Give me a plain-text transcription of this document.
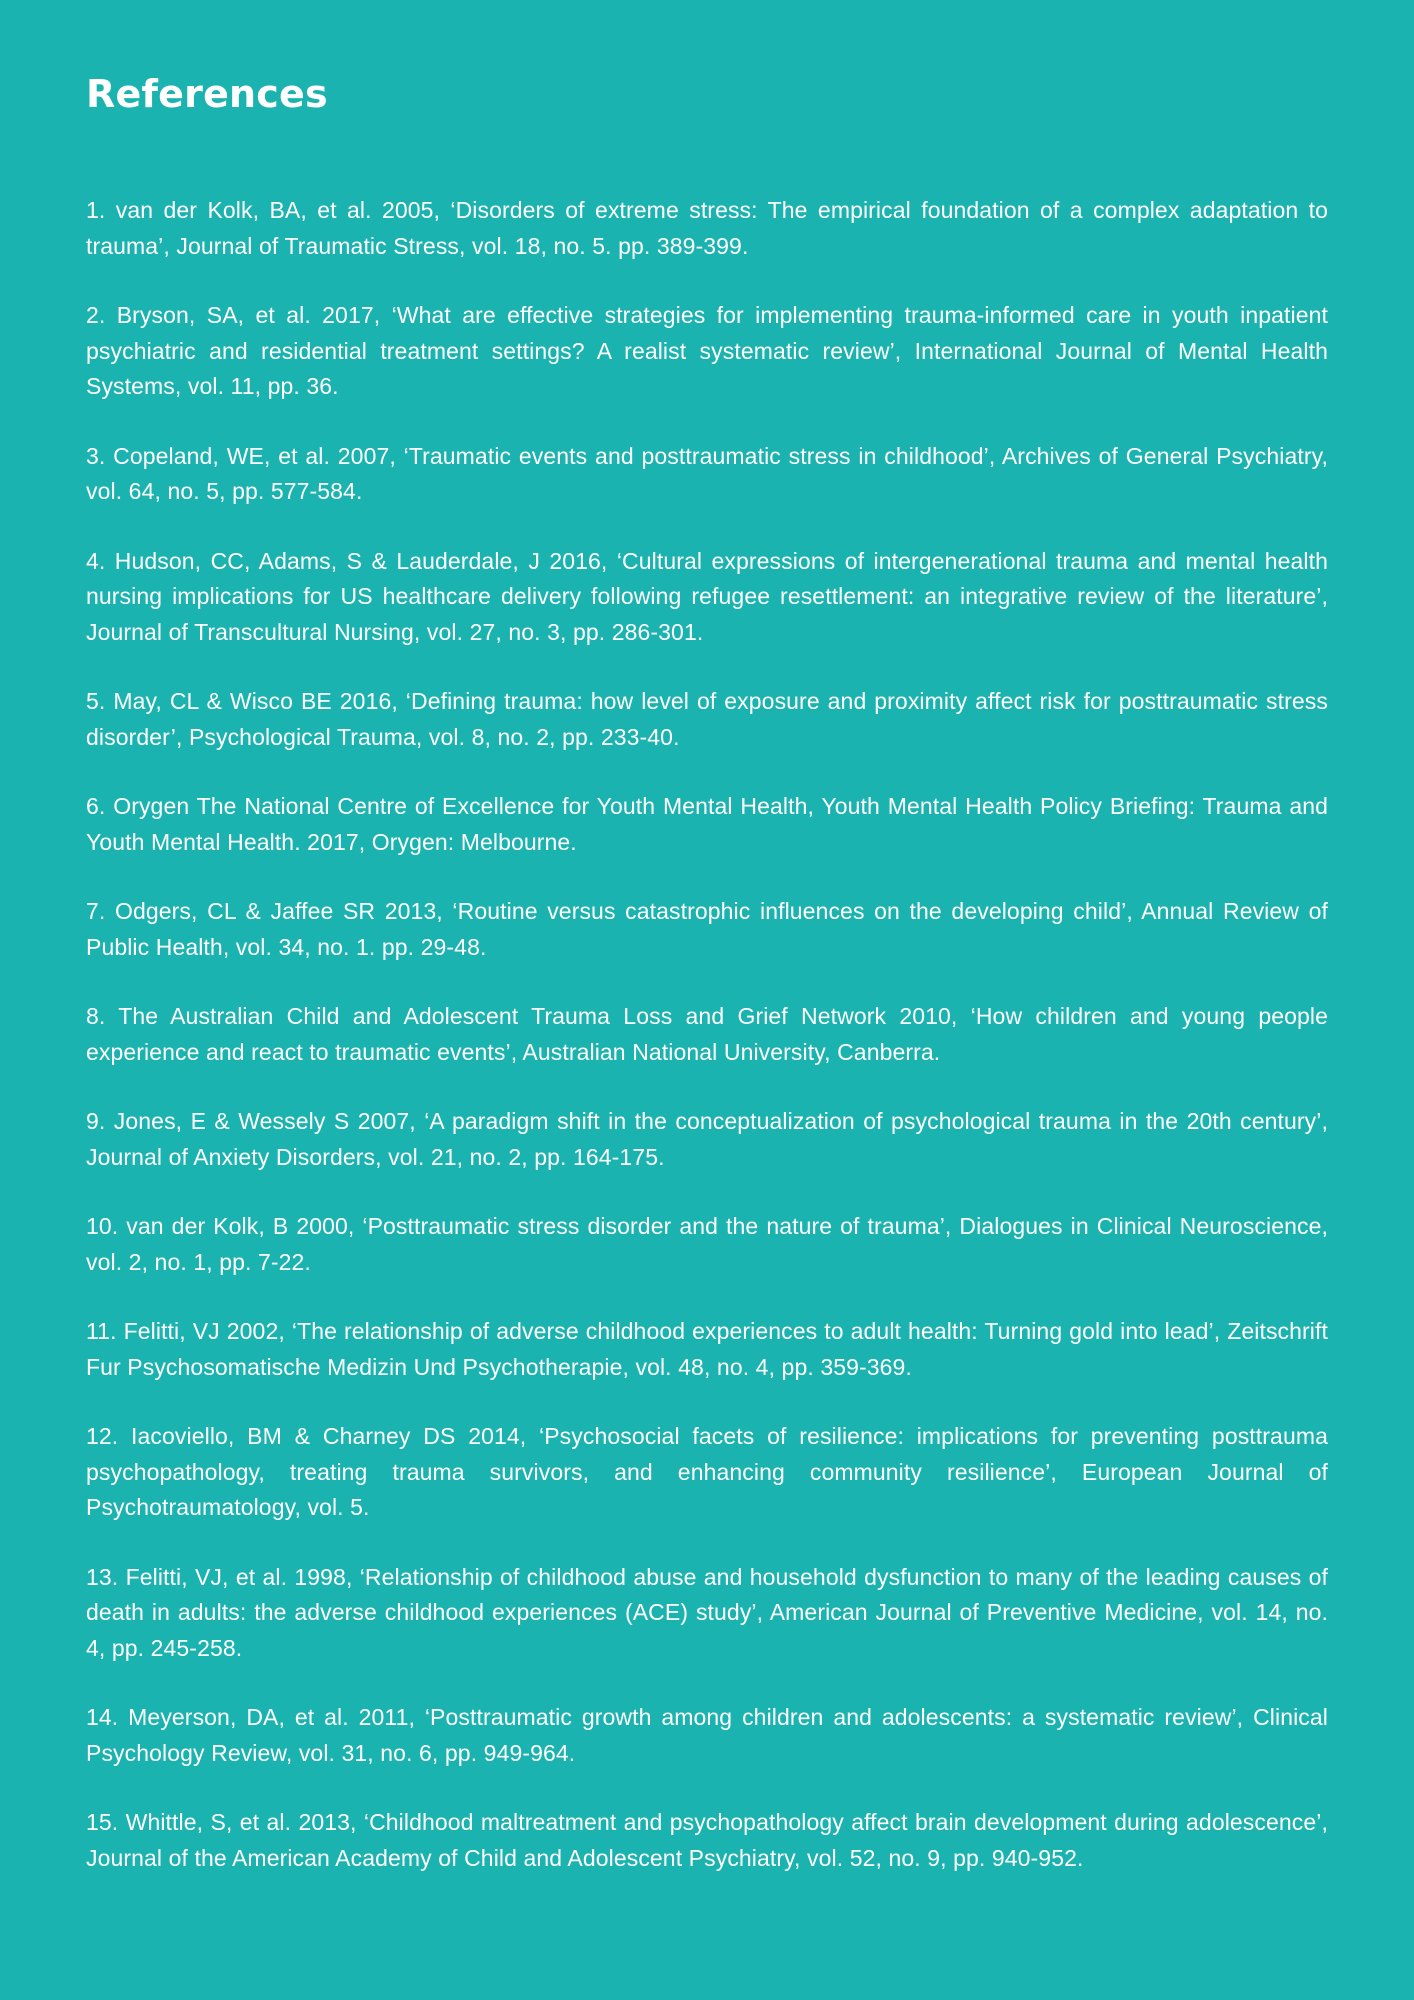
References
1. van der Kolk, BA, et al. 2005, ‘Disorders of extreme stress: The empirical foundation of a complex adaptation to trauma’, Journal of Traumatic Stress, vol. 18, no. 5. pp. 389-399.
2. Bryson, SA, et al. 2017, ‘What are effective strategies for implementing trauma-informed care in youth inpatient psychiatric and residential treatment settings? A realist systematic review’, International Journal of Mental Health Systems, vol. 11, pp. 36.
3. Copeland, WE, et al. 2007, ‘Traumatic events and posttraumatic stress in childhood’, Archives of General Psychiatry, vol. 64, no. 5, pp. 577-584.
4. Hudson, CC, Adams, S & Lauderdale, J 2016, ‘Cultural expressions of intergenerational trauma and mental health nursing implications for US healthcare delivery following refugee resettlement: an integrative review of the literature’, Journal of Transcultural Nursing, vol. 27, no. 3, pp. 286-301.
5. May, CL & Wisco BE 2016, ‘Defining trauma: how level of exposure and proximity affect risk for posttraumatic stress disorder’, Psychological Trauma, vol. 8, no. 2, pp. 233-40.
6. Orygen The National Centre of Excellence for Youth Mental Health, Youth Mental Health Policy Briefing: Trauma and Youth Mental Health. 2017, Orygen: Melbourne.
7. Odgers, CL & Jaffee SR 2013, ‘Routine versus catastrophic influences on the developing child’, Annual Review of Public Health, vol. 34, no. 1. pp. 29-48.
8. The Australian Child and Adolescent Trauma Loss and Grief Network 2010, ‘How children and young people experience and react to traumatic events’, Australian National University, Canberra.
9. Jones, E & Wessely S 2007, ‘A paradigm shift in the conceptualization of psychological trauma in the 20th century’, Journal of Anxiety Disorders, vol. 21, no. 2, pp. 164-175.
10. van der Kolk, B 2000, ‘Posttraumatic stress disorder and the nature of trauma’, Dialogues in Clinical Neuroscience, vol. 2, no. 1, pp. 7-22.
11. Felitti, VJ 2002, ‘The relationship of adverse childhood experiences to adult health: Turning gold into lead’, Zeitschrift Fur Psychosomatische Medizin Und Psychotherapie, vol. 48, no. 4, pp. 359-369.
12. Iacoviello, BM & Charney DS 2014, ‘Psychosocial facets of resilience: implications for preventing posttrauma psychopathology, treating trauma survivors, and enhancing community resilience’, European Journal of Psychotraumatology, vol. 5.
13. Felitti, VJ, et al. 1998, ‘Relationship of childhood abuse and household dysfunction to many of the leading causes of death in adults: the adverse childhood experiences (ACE) study’, American Journal of Preventive Medicine, vol. 14, no. 4, pp. 245-258.
14. Meyerson, DA, et al. 2011, ‘Posttraumatic growth among children and adolescents: a systematic review’, Clinical Psychology Review, vol. 31, no. 6, pp. 949-964.
15. Whittle, S, et al. 2013, ‘Childhood maltreatment and psychopathology affect brain development during adolescence’, Journal of the American Academy of Child and Adolescent Psychiatry, vol. 52, no. 9, pp. 940-952.
